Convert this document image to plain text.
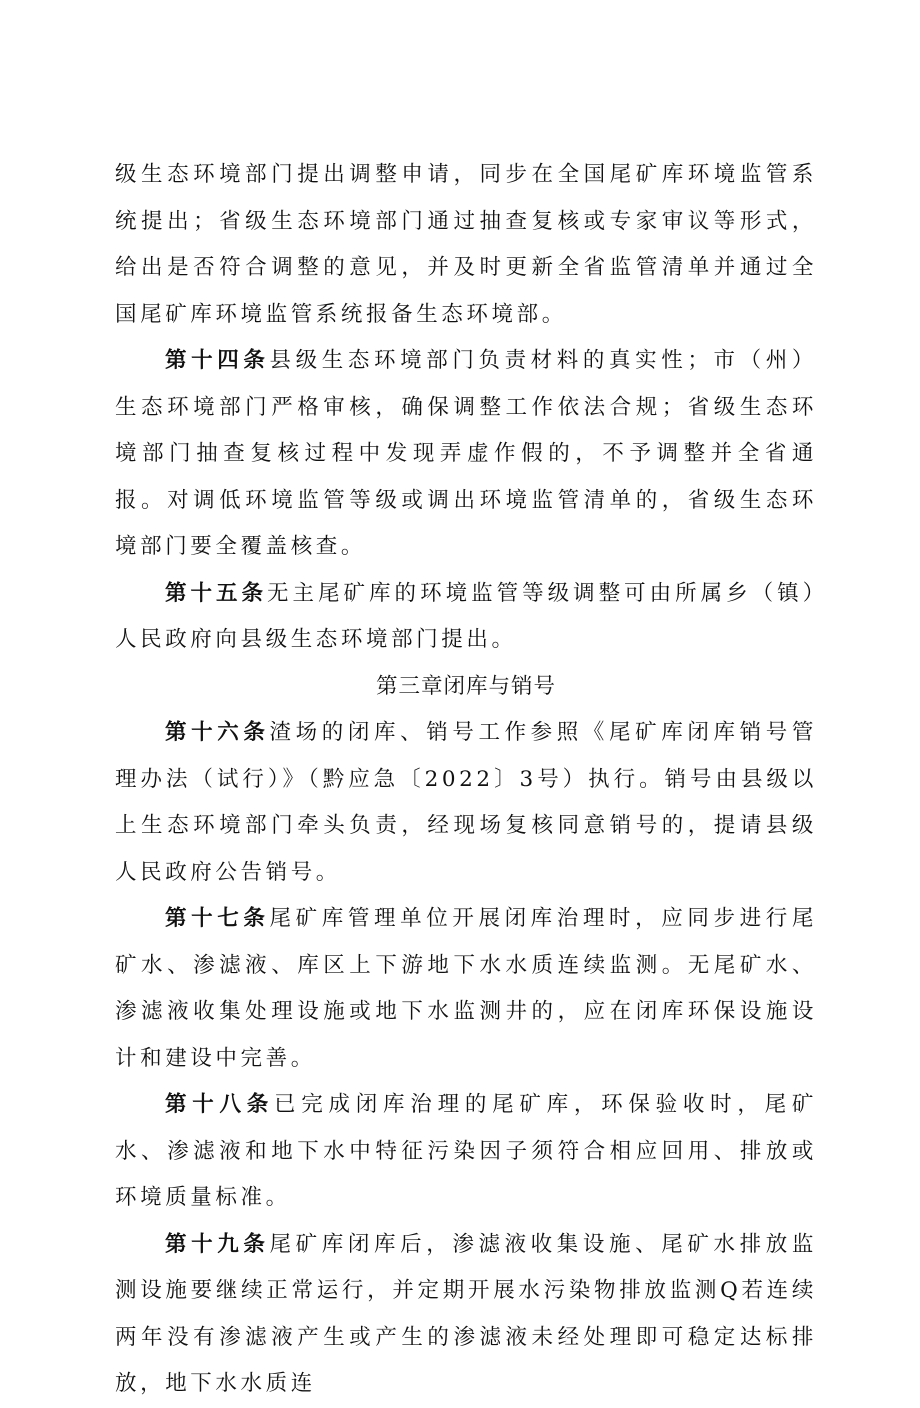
级生态环境部门提出调整申请，同步在全国尾矿库环境监管系统提出；省级生态环境部门通过抽查复核或专家审议等形式，给出是否符合调整的意见，并及时更新全省监管清单并通过全国尾矿库环境监管系统报备生态环境部。

第十四条县级生态环境部门负责材料的真实性；市（州）生态环境部门严格审核，确保调整工作依法合规；省级生态环境部门抽查复核过程中发现弄虚作假的，不予调整并全省通报。对调低环境监管等级或调出环境监管清单的，省级生态环境部门要全覆盖核查。

第十五条无主尾矿库的环境监管等级调整可由所属乡（镇）人民政府向县级生态环境部门提出。

第三章闭库与销号

第十六条渣场的闭库、销号工作参照《尾矿库闭库销号管理办法（试行）》（黔应急〔2022〕3号）执行。销号由县级以上生态环境部门牵头负责，经现场复核同意销号的，提请县级人民政府公告销号。

第十七条尾矿库管理单位开展闭库治理时，应同步进行尾矿水、渗滤液、库区上下游地下水水质连续监测。无尾矿水、渗滤液收集处理设施或地下水监测井的，应在闭库环保设施设计和建设中完善。

第十八条已完成闭库治理的尾矿库，环保验收时，尾矿水、渗滤液和地下水中特征污染因子须符合相应回用、排放或环境质量标准。

第十九条尾矿库闭库后，渗滤液收集设施、尾矿水排放监测设施要继续正常运行，并定期开展水污染物排放监测Q若连续两年没有渗滤液产生或产生的渗滤液未经处理即可稳定达标排放，地下水水质连
